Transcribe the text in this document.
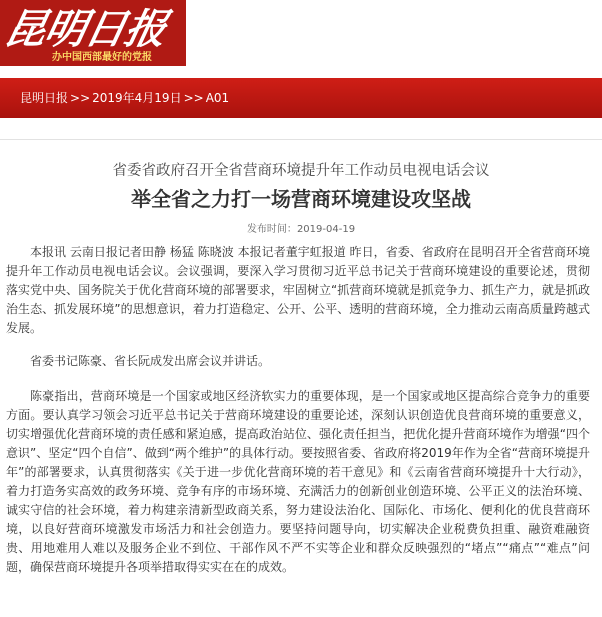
昆明日报
办中国西部最好的党报
昆明日报 >> 2019年4月19日 >> A01
省委省政府召开全省营商环境提升年工作动员电视电话会议
举全省之力打一场营商环境建设攻坚战
发布时间：2019-04-19

本报讯 云南日报记者田静 杨猛 陈晓波 本报记者董宇虹报道 昨日，省委、省政府在昆明召开全省营商环境提升年工作动员电视电话会议。会议强调，要深入学习贯彻习近平总书记关于营商环境建设的重要论述，贯彻落实党中央、国务院关于优化营商环境的部署要求，牢固树立“抓营商环境就是抓竞争力、抓生产力，就是抓政治生态、抓发展环境”的思想意识，着力打造稳定、公开、公平、透明的营商环境，全力推动云南高质量跨越式发展。

省委书记陈豪、省长阮成发出席会议并讲话。

陈豪指出，营商环境是一个国家或地区经济软实力的重要体现，是一个国家或地区提高综合竞争力的重要方面。要认真学习领会习近平总书记关于营商环境建设的重要论述，深刻认识创造优良营商环境的重要意义，切实增强优化营商环境的责任感和紧迫感，提高政治站位、强化责任担当，把优化提升营商环境作为增强“四个意识”、坚定“四个自信”、做到“两个维护”的具体行动。要按照省委、省政府将2019年作为全省“营商环境提升年”的部署要求，认真贯彻落实《关于进一步优化营商环境的若干意见》和《云南省营商环境提升十大行动》，着力打造务实高效的政务环境、竞争有序的市场环境、充满活力的创新创业创造环境、公平正义的法治环境、诚实守信的社会环境，着力构建亲清新型政商关系，努力建设法治化、国际化、市场化、便利化的优良营商环境，以良好营商环境激发市场活力和社会创造力。要坚持问题导向，切实解决企业税费负担重、融资难融资贵、用地难用人难以及服务企业不到位、干部作风不严不实等企业和群众反映强烈的“堵点”“痛点”“难点”问题，确保营商环境提升各项举措取得实实在在的成效。
